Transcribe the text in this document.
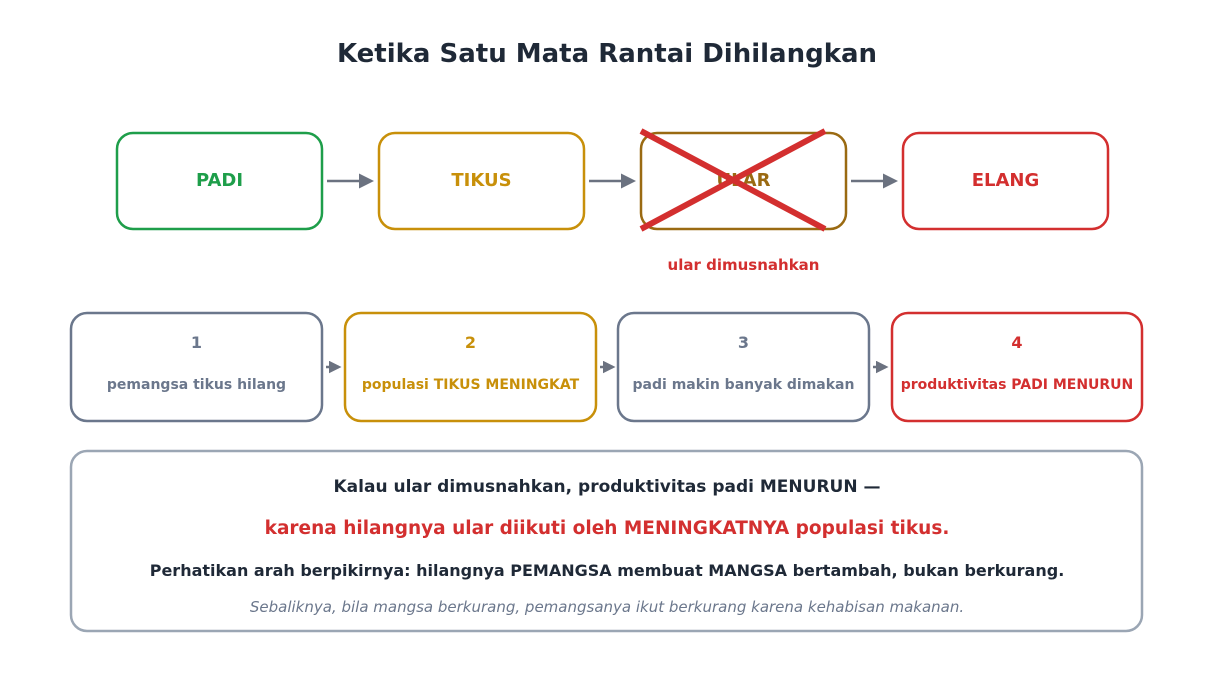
Ketika Satu Mata Rantai Dihilangkan
PADI	TIKUS	ULAR	ELANG
ular dimusnahkan
1
pemangsa tikus hilang
2
populasi TIKUS MENINGKAT
3
padi makin banyak dimakan
4
produktivitas PADI MENURUN
Kalau ular dimusnahkan, produktivitas padi MENURUN —
karena hilangnya ular diikuti oleh MENINGKATNYA populasi tikus.
Perhatikan arah berpikirnya: hilangnya PEMANGSA membuat MANGSA bertambah, bukan berkurang.
Sebaliknya, bila mangsa berkurang, pemangsanya ikut berkurang karena kehabisan makanan.
